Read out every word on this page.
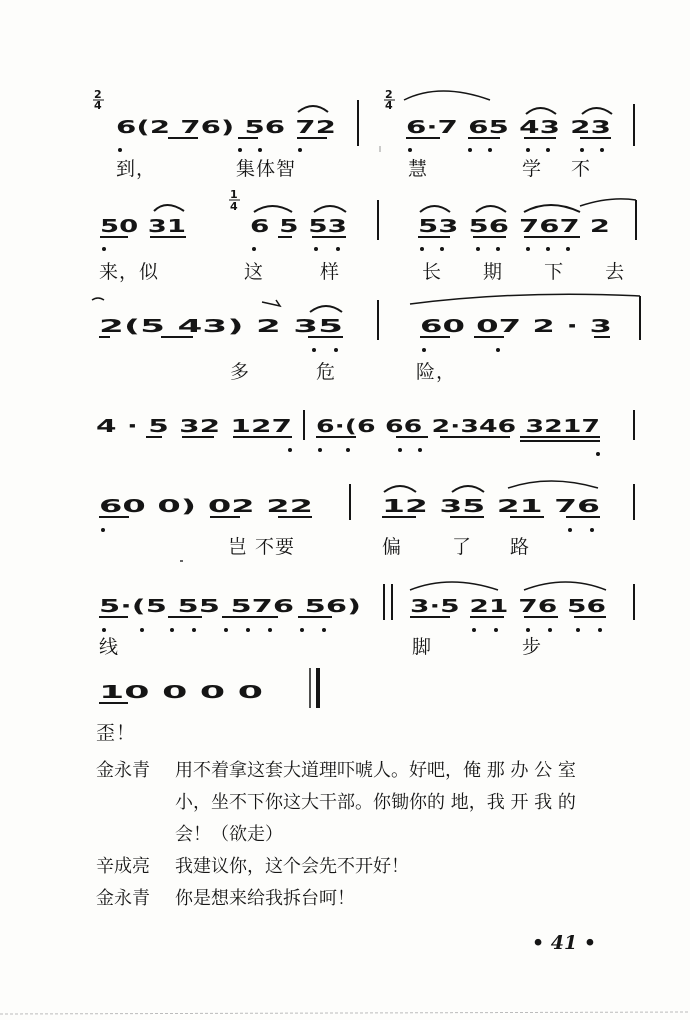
2
4
6(2 76) 56 72
2
4
6·7 65 43 23
50 31
1
4
6 5 53	53 56 767 2
2(5 43) 2 35	60 07 2 · 3
4 · 5 32 127 6·(6 66 2·346 3217
60 0) 02 22	12 35 21 76
5·(5 55 576 56)	3·5 21 76 56
10 0 0 0
到，	集体智	慧	学 不
来，似	这	样	长 期 下 去
多	危	险，
岂 不要	偏	了 路
线	脚	步
歪！
金永青 用不着拿这套大道理吓唬人。好吧，俺 那 办 公 室
小，坐不下你这大干部。你锄你的 地，我 开 我 的
会！（欲走）
辛成亮 我建议你，这个会先不开好！
金永青 你是想来给我拆台呵！
• 41 •
